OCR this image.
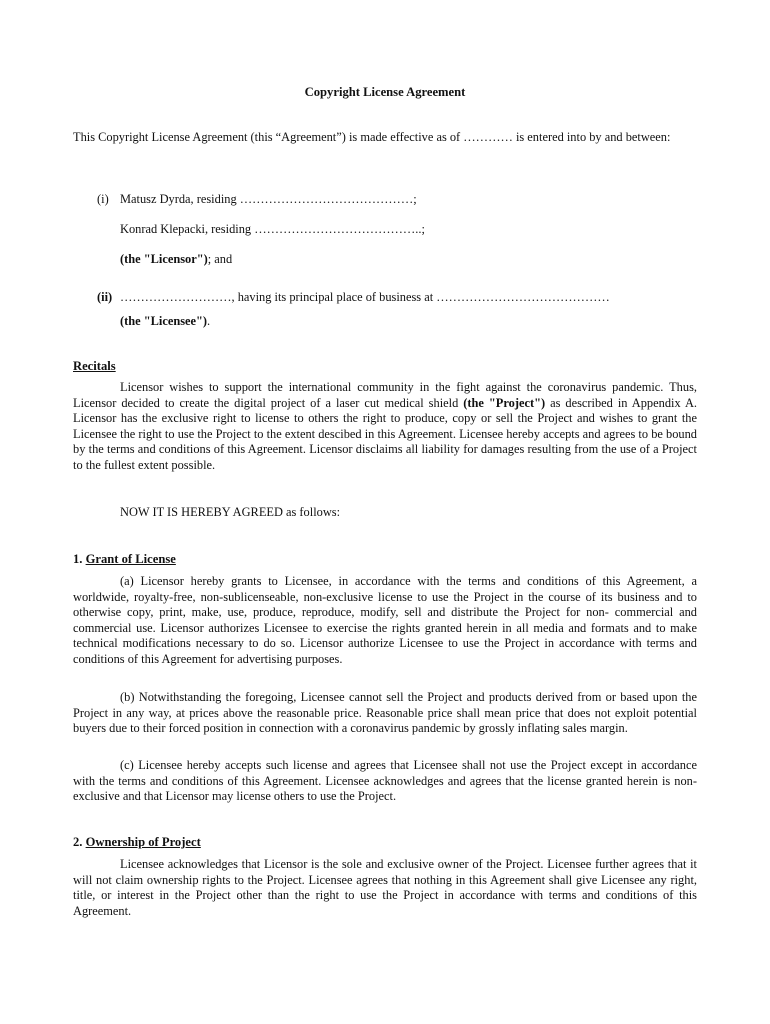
Copyright License Agreement

This Copyright License Agreement (this “Agreement”) is made effective as of ………… is entered into by and between:

(i) Matusz Dyrda, residing ……………………………………;
Konrad Klepacki, residing …………………………………..;
(the "Licensor"); and
(ii) ………………………, having its principal place of business at ……………………………………
(the "Licensee").
Recitals

Licensor wishes to support the international community in the fight against the coronavirus pandemic. Thus, Licensor decided to create the digital project of a laser cut medical shield (the "Project") as described in Appendix A. Licensor has the exclusive right to license to others the right to produce, copy or sell the Project and wishes to grant the Licensee the right to use the Project to the extent descibed in this Agreement. Licensee hereby accepts and agrees to be bound by the terms and conditions of this Agreement. Licensor disclaims all liability for damages resulting from the use of a Project to the fullest extent possible.

NOW IT IS HEREBY AGREED as follows:
1. Grant of License

(a) Licensor hereby grants to Licensee, in accordance with the terms and conditions of this Agreement, a worldwide, royalty-free, non-sublicenseable, non-exclusive license to use the Project in the course of its business and to otherwise copy, print, make, use, produce, reproduce, modify, sell and distribute the Project for non- commercial and commercial use. Licensor authorizes Licensee to exercise the rights granted herein in all media and formats and to make technical modifications necessary to do so. Licensor authorize Licensee to use the Project in accordance with terms and conditions of this Agreement for advertising purposes.

(b) Notwithstanding the foregoing, Licensee cannot sell the Project and products derived from or based upon the Project in any way, at prices above the reasonable price. Reasonable price shall mean price that does not exploit potential buyers due to their forced position in connection with a coronavirus pandemic by grossly inflating sales margin.

(c) Licensee hereby accepts such license and agrees that Licensee shall not use the Project except in accordance with the terms and conditions of this Agreement. Licensee acknowledges and agrees that the license granted herein is non-exclusive and that Licensor may license others to use the Project.

2. Ownership of Project

Licensee acknowledges that Licensor is the sole and exclusive owner of the Project. Licensee further agrees that it will not claim ownership rights to the Project. Licensee agrees that nothing in this Agreement shall give Licensee any right, title, or interest in the Project other than the right to use the Project in accordance with terms and conditions of this Agreement.
